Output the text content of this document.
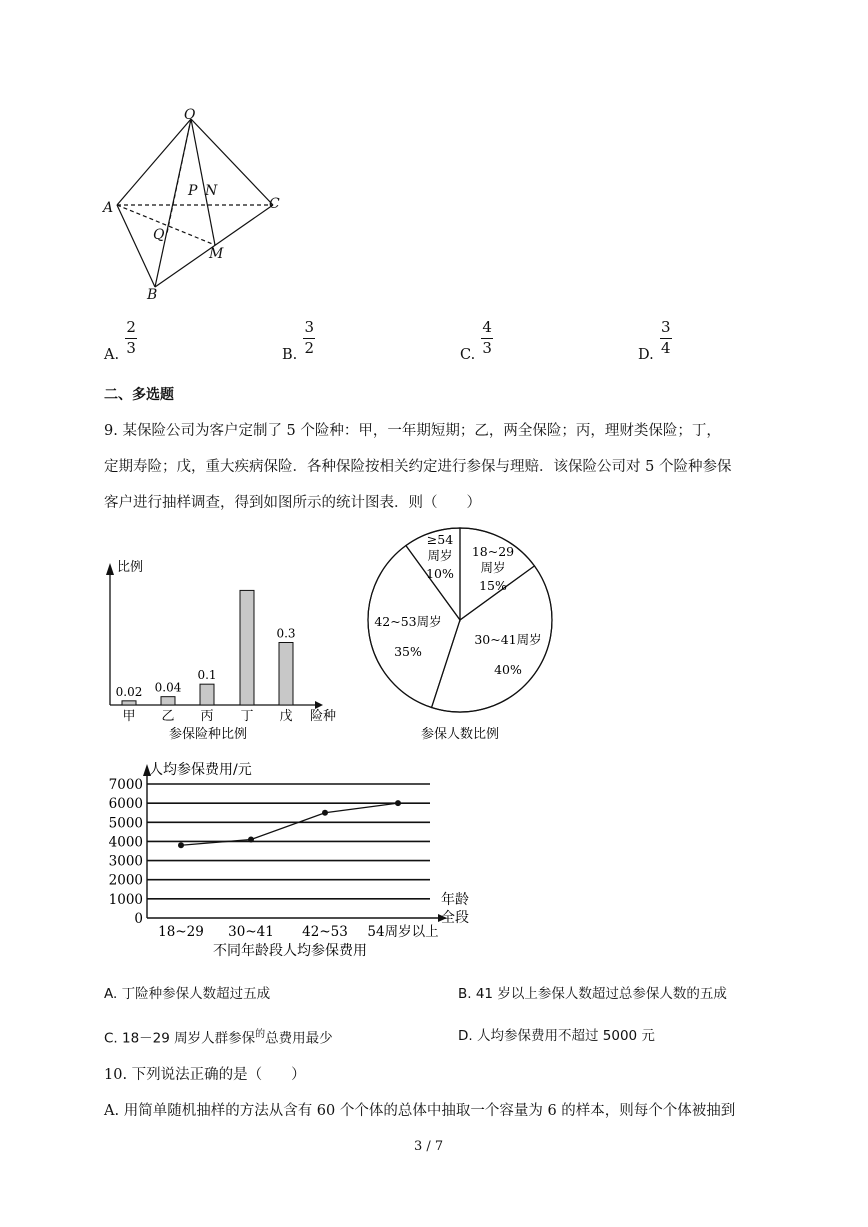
O
P N
A	C
Q
M
B
A. $\frac{2}{3}$	B. $\frac{3}{2}$	C. $\frac{4}{3}$	D. $\frac{3}{4}$
二、多选题
9. 某保险公司为客户定制了 5 个险种：甲，一年期短期；乙，两全保险；丙，理财类保险；丁，
定期寿险；戊，重大疾病保险．各种保险按相关约定进行参保与理赔．该保险公司对 5 个险种参保
客户进行抽样调查，得到如图所示的统计图表．则（　　）
比例
险种
参保险种比例
甲
0.02
乙
0.04
丙
0.1
丁 戊
0.3
18~29
周岁
15%
30~41周岁
40%
42~53周岁
35%
≥54
周岁
10%
参保人数比例
0
1000
2000
3000
4000
5000
6000
7000
人均参保费用/元
年龄
全段
18~29 30~41 42~53 54周岁以上
不同年龄段人均参保费用
A. 丁险种参保人数超过五成	B. 41 岁以上参保人数超过总参保人数的五成
C. 18－29 周岁人群参保$^的$总费用最少	D. 人均参保费用不超过 5000 元
10. 下列说法正确的是（　　）
A. 用简单随机抽样的方法从含有 60 个个体的总体中抽取一个容量为 6 的样本，则每个个体被抽到
3 / 7
